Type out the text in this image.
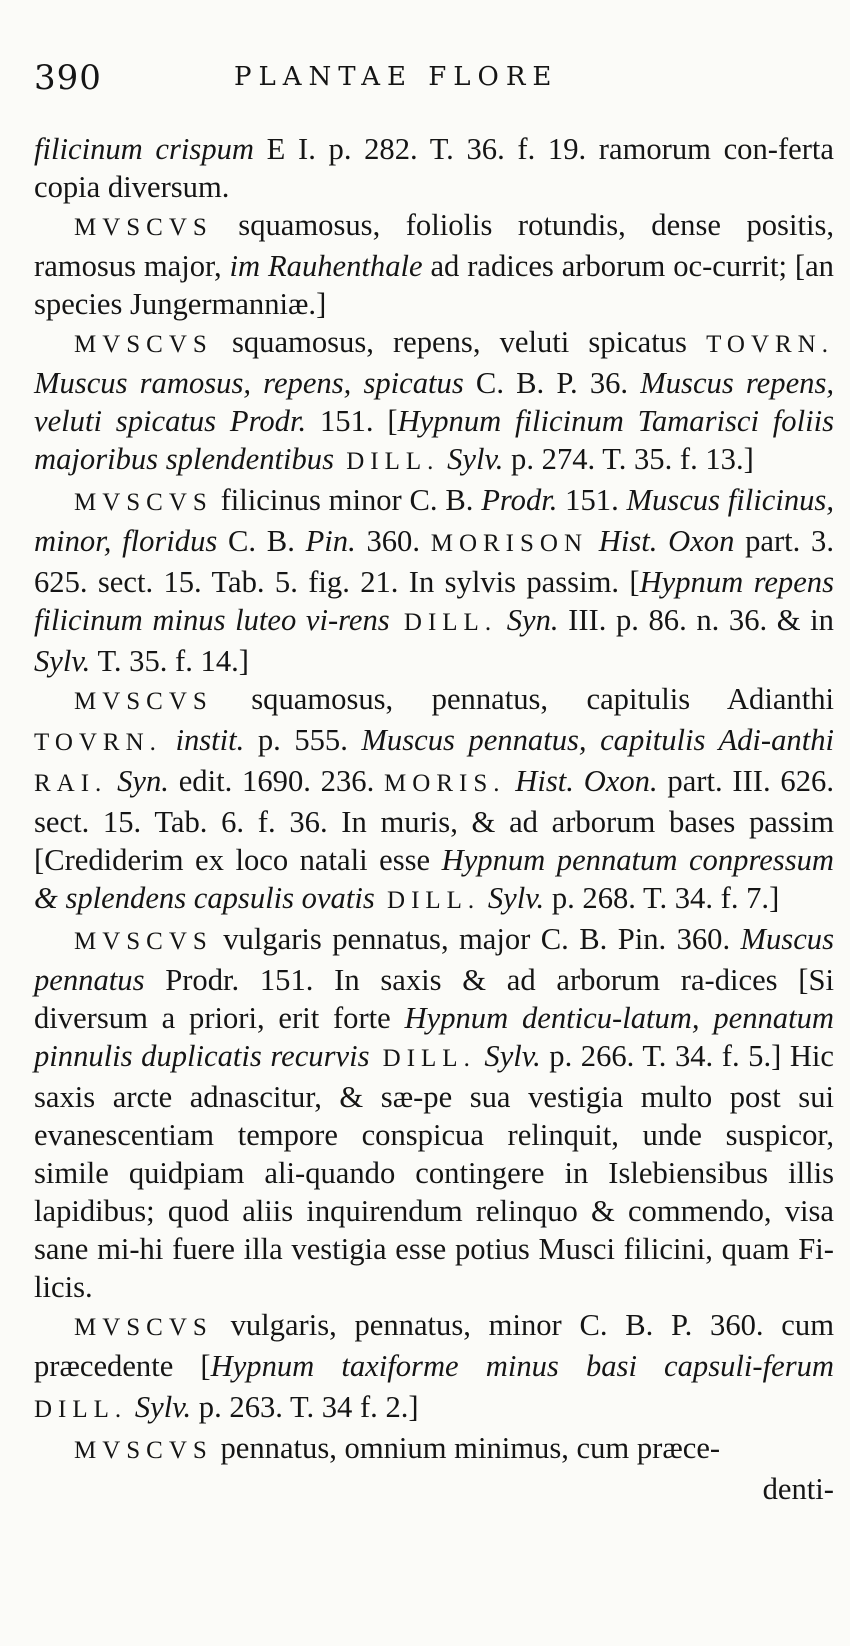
390	PLANTAE FLORE

filicinum crispum E I. p. 282. T. 36. f. 19. ramorum con-ferta copia diversum.

MVSCVS squamosus, foliolis rotundis, dense positis, ramosus major, im Rauhenthale ad radices arborum oc-currit; [an species Jungermanniæ.]

MVSCVS squamosus, repens, veluti spicatus TOVRN. Muscus ramosus, repens, spicatus C. B. P. 36. Muscus repens, veluti spicatus Prodr. 151. [Hypnum filicinum Tamarisci foliis majoribus splendentibus DILL. Sylv. p. 274. T. 35. f. 13.]

MVSCVS filicinus minor C. B. Prodr. 151. Muscus filicinus, minor, floridus C. B. Pin. 360. MORISON Hist. Oxon part. 3. 625. sect. 15. Tab. 5. fig. 21. In sylvis passim. [Hypnum repens filicinum minus luteo vi-rens DILL. Syn. III. p. 86. n. 36. & in Sylv. T. 35. f. 14.]

MVSCVS squamosus, pennatus, capitulis Adianthi TOVRN. instit. p. 555. Muscus pennatus, capitulis Adi-anthi RAI. Syn. edit. 1690. 236. MORIS. Hist. Oxon. part. III. 626. sect. 15. Tab. 6. f. 36. In muris, & ad arborum bases passim [Crediderim ex loco natali esse Hypnum pennatum conpressum & splendens capsulis ovatis DILL. Sylv. p. 268. T. 34. f. 7.]

MVSCVS vulgaris pennatus, major C. B. Pin. 360. Muscus pennatus Prodr. 151. In saxis & ad arborum ra-dices [Si diversum a priori, erit forte Hypnum denticu-latum, pennatum pinnulis duplicatis recurvis DILL. Sylv. p. 266. T. 34. f. 5.] Hic saxis arcte adnascitur, & sæ-pe sua vestigia multo post sui evanescentiam tempore conspicua relinquit, unde suspicor, simile quidpiam ali-quando contingere in Islebiensibus illis lapidibus; quod aliis inquirendum relinquo & commendo, visa sane mi-hi fuere illa vestigia esse potius Musci filicini, quam Fi-licis.

MVSCVS vulgaris, pennatus, minor C. B. P. 360. cum præcedente [Hypnum taxiforme minus basi capsuli-ferum DILL. Sylv. p. 263. T. 34 f. 2.]

MVSCVS pennatus, omnium minimus, cum præce-

denti-
